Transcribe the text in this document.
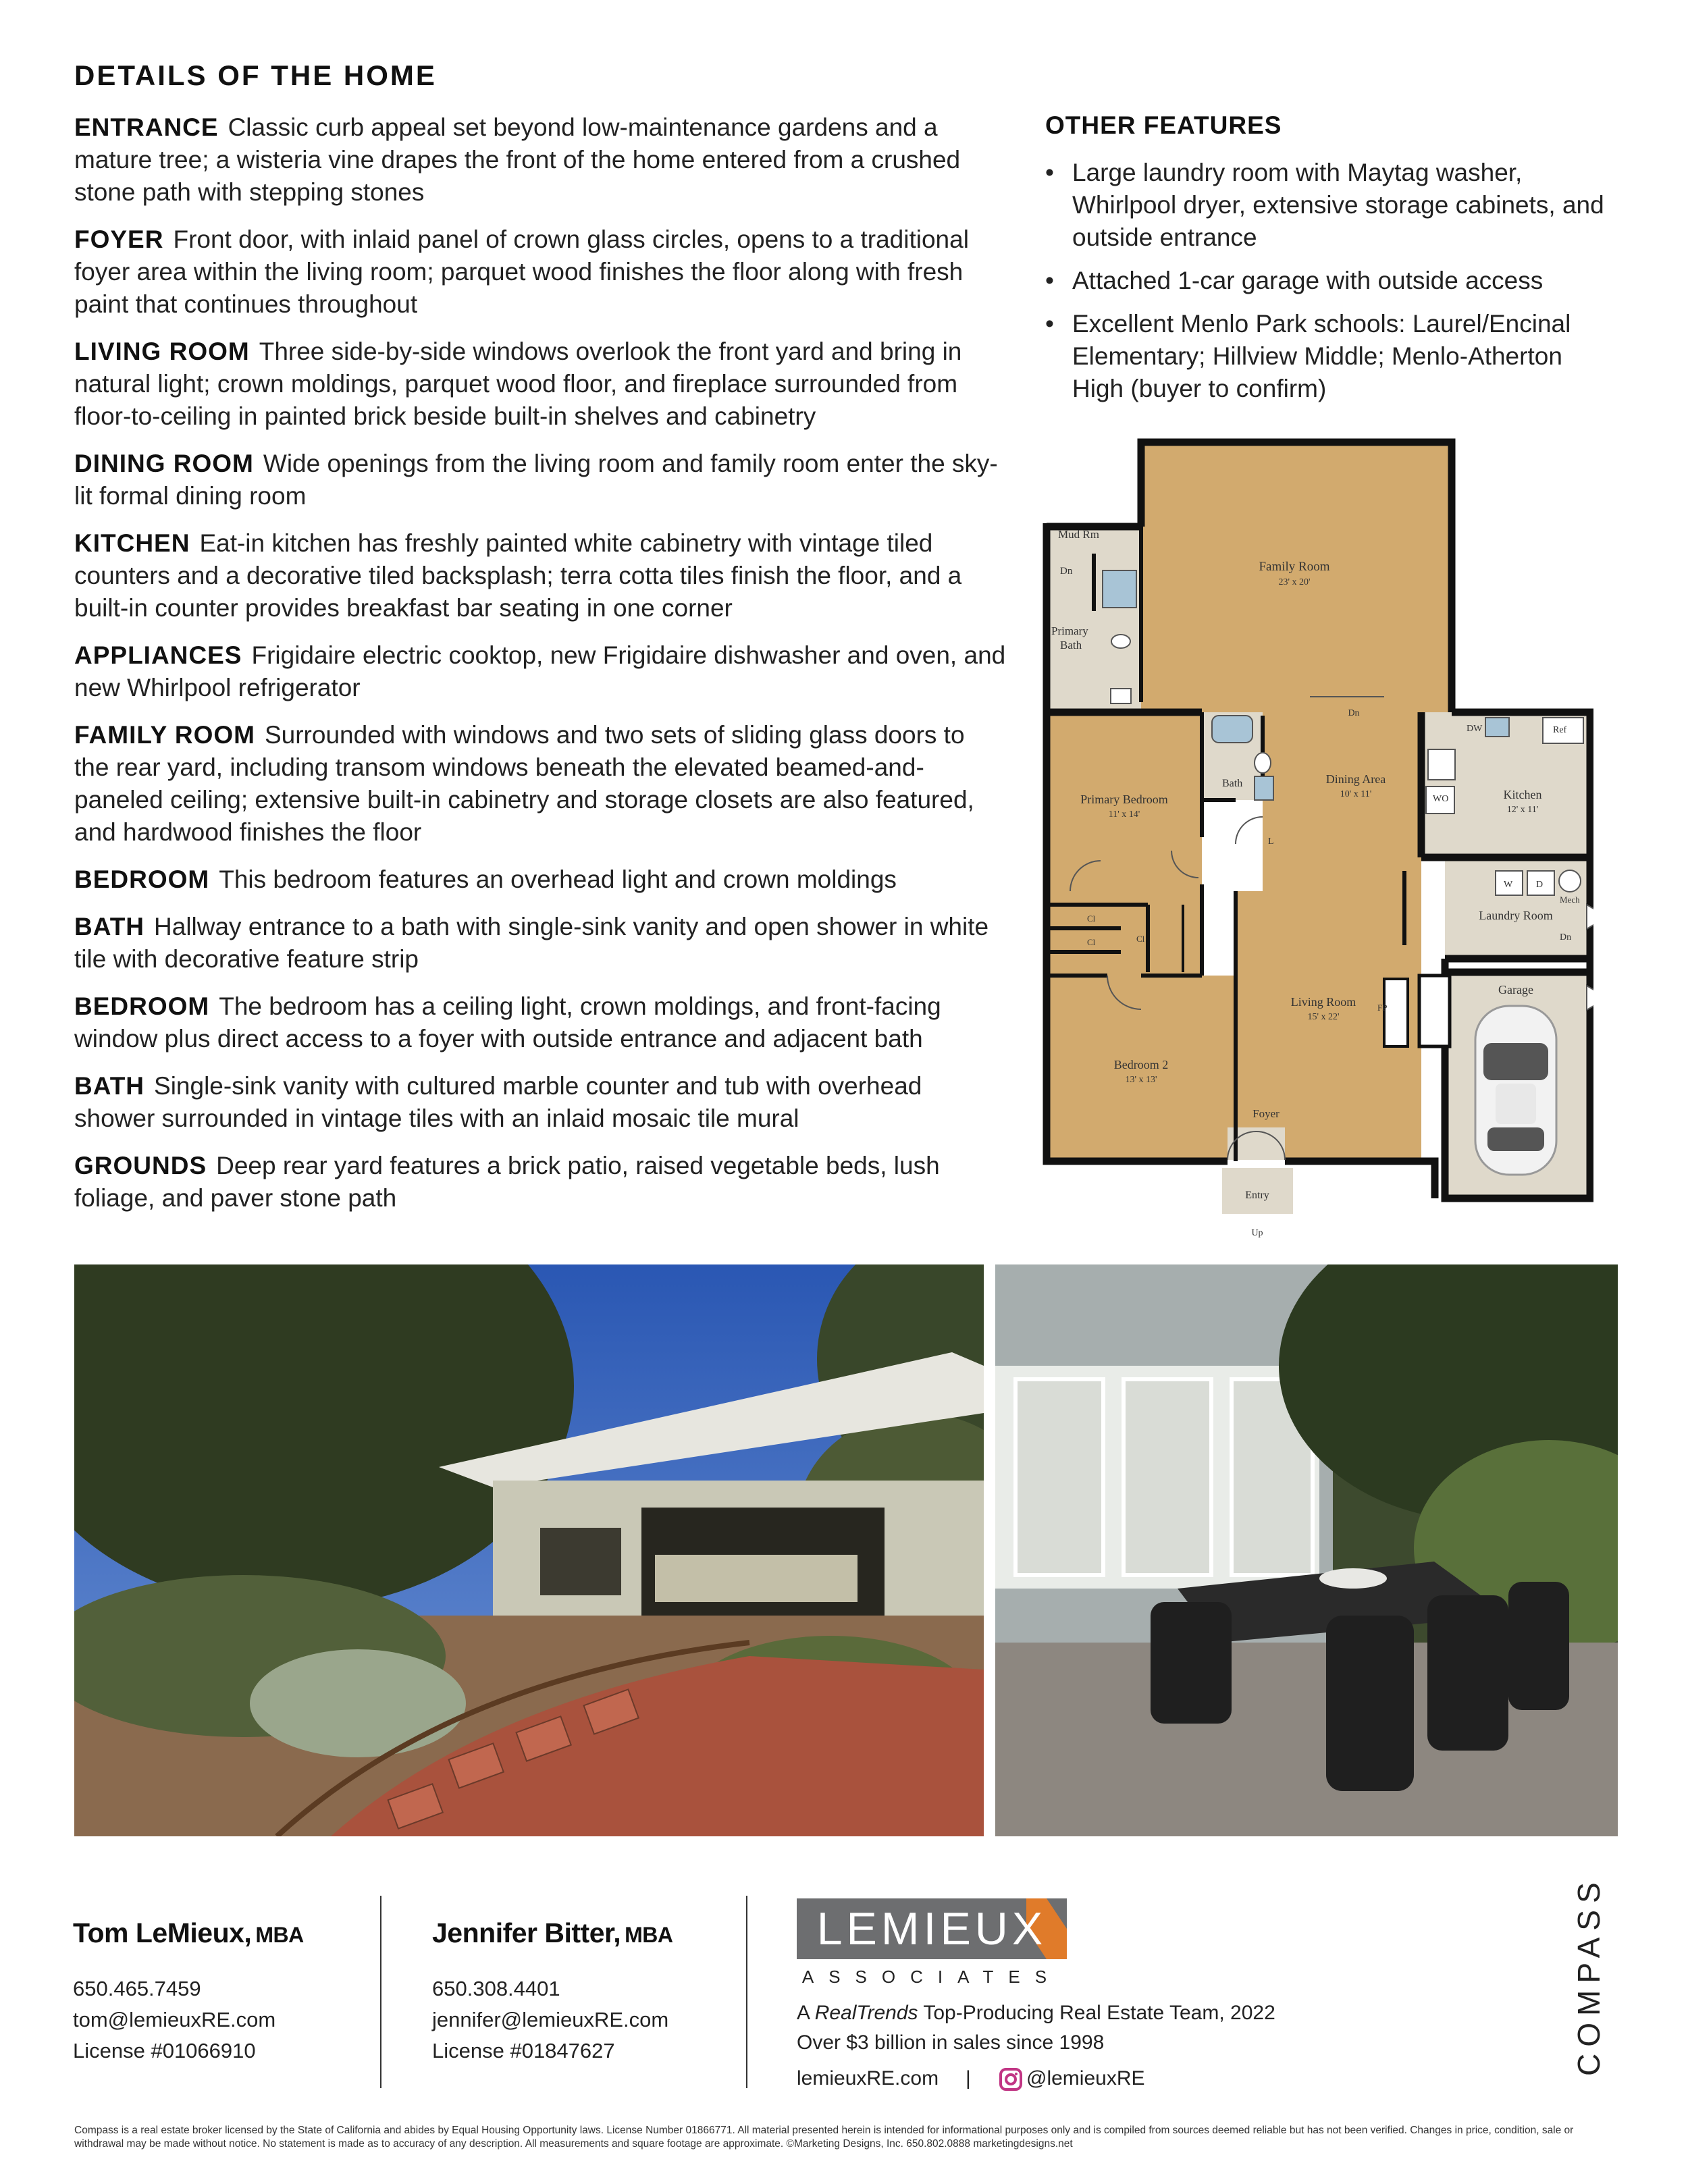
DETAILS OF THE HOME

ENTRANCE Classic curb appeal set beyond low-maintenance gardens and a mature tree; a wisteria vine drapes the front of the home entered from a crushed stone path with stepping stones

FOYER Front door, with inlaid panel of crown glass circles, opens to a traditional foyer area within the living room; parquet wood finishes the floor along with fresh paint that continues throughout

LIVING ROOM Three side-by-side windows overlook the front yard and bring in natural light; crown moldings, parquet wood floor, and fireplace surrounded from floor-to-ceiling in painted brick beside built-in shelves and cabinetry

DINING ROOM Wide openings from the living room and family room enter the sky-lit formal dining room

KITCHEN Eat-in kitchen has freshly painted white cabinetry with vintage tiled counters and a decorative tiled backsplash; terra cotta tiles finish the floor, and a built-in counter provides breakfast bar seating in one corner

APPLIANCES Frigidaire electric cooktop, new Frigidaire dishwasher and oven, and new Whirlpool refrigerator

FAMILY ROOM Surrounded with windows and two sets of sliding glass doors to the rear yard, including transom windows beneath the elevated beamed-and-paneled ceiling; extensive built-in cabinetry and storage closets are also featured, and hardwood finishes the floor

BEDROOM This bedroom features an overhead light and crown moldings

BATH Hallway entrance to a bath with single-sink vanity and open shower in white tile with decorative feature strip

BEDROOM The bedroom has a ceiling light, crown moldings, and front-facing window plus direct access to a foyer with outside entrance and adjacent bath

BATH Single-sink vanity with cultured marble counter and tub with overhead shower surrounded in vintage tiles with an inlaid mosaic tile mural

GROUNDS Deep rear yard features a brick patio, raised vegetable beds, lush foliage, and paver stone path

OTHER FEATURES
• Large laundry room with Maytag washer, Whirlpool dryer, extensive storage cabinets, and outside entrance
• Attached 1-car garage with outside access
• Excellent Menlo Park schools: Laurel/Encinal Elementary; Hillview Middle; Menlo-Atherton High (buyer to confirm)
Mud Rm
Dn
Primary
Bath
Family Room
23' x 20'
Dn
Primary Bedroom
11' x 14'
Bath
L
Dining Area
10' x 11'
DW	Ref
Kitchen
12' x 11'
WO
W D
Mech
Laundry Room
Dn
Cl
Cl	Cl
Living Room
15' x 22'
FP
Garage
Bedroom 2
13' x 13'
Foyer
Entry
Up
Tom LeMieux, MBA
650.465.7459
tom@lemieuxRE.com
License #01066910
Jennifer Bitter, MBA
650.308.4401
jennifer@lemieuxRE.com
License #01847627
LEMIEUX
ASSOCIATES
A RealTrends Top-Producing Real Estate Team, 2022
Over $3 billion in sales since 1998
lemieuxRE.com |	@lemieuxRE
COMPASS
Compass is a real estate broker licensed by the State of California and abides by Equal Housing Opportunity laws. License Number 01866771. All material presented herein is intended for informational purposes only and is compiled from sources deemed reliable but has not been verified. Changes in price, condition, sale or withdrawal may be made without notice. No statement is made as to accuracy of any description. All measurements and square footage are approximate. ©Marketing Designs, Inc. 650.802.0888 marketingdesigns.net
